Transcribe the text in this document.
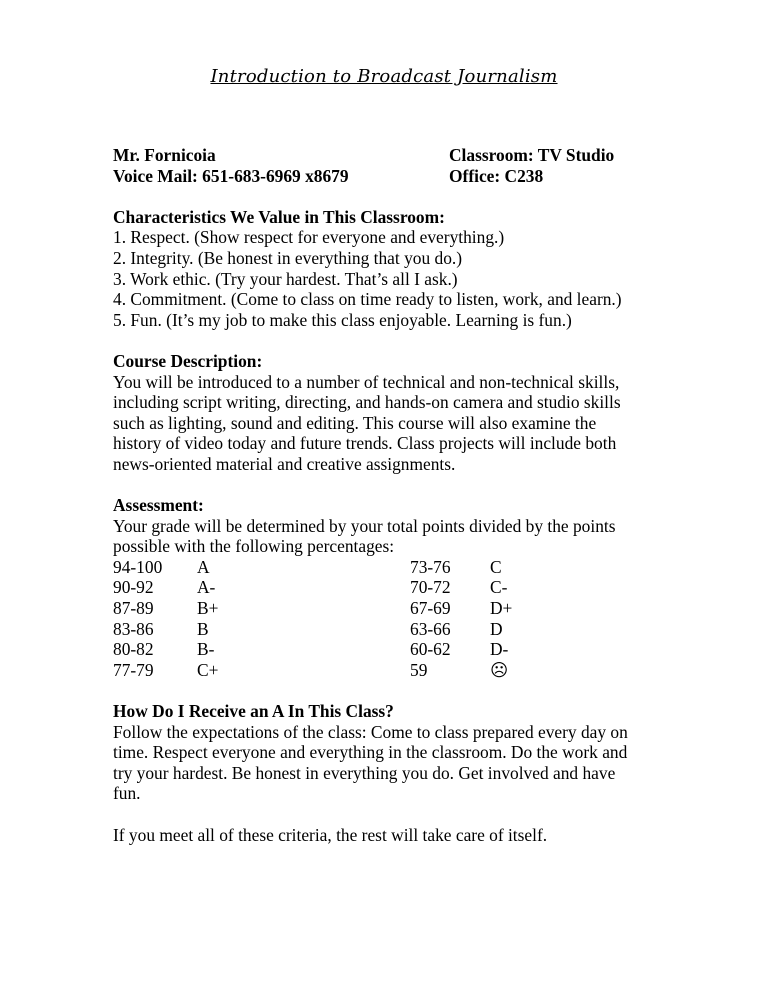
Introduction to Broadcast Journalism
Mr. Fornicoia	Classroom: TV Studio
Voice Mail: 651-683-6969 x8679	Office: C238

Characteristics We Value in This Classroom:

1. Respect. (Show respect for everyone and everything.)

2. Integrity. (Be honest in everything that you do.)

3. Work ethic. (Try your hardest. That’s all I ask.)

4. Commitment. (Come to class on time ready to listen, work, and learn.)

5. Fun. (It’s my job to make this class enjoyable. Learning is fun.)

Course Description:

You will be introduced to a number of technical and non-technical skills,

including script writing, directing, and hands-on camera and studio skills

such as lighting, sound and editing. This course will also examine the

history of video today and future trends. Class projects will include both

news-oriented material and creative assignments.

Assessment:

Your grade will be determined by your total points divided by the points

possible with the following percentages:

94-100	A	73-76	C
90-92	A-	70-72	C-
87-89	B+	67-69	D+
83-86	B	63-66	D
80-82	B-	60-62	D-
77-79	C+	59	☹

How Do I Receive an A In This Class?

Follow the expectations of the class: Come to class prepared every day on

time. Respect everyone and everything in the classroom. Do the work and

try your hardest. Be honest in everything you do. Get involved and have

fun.

If you meet all of these criteria, the rest will take care of itself.
